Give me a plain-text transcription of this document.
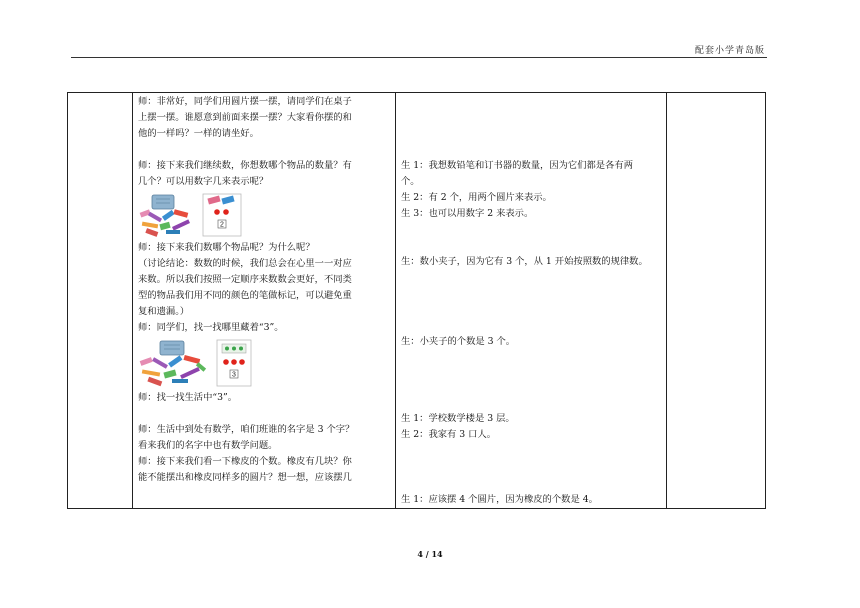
配套小学青岛版

师：非常好，同学们用圆片摆一摆，请同学们在桌子

上摆一摆。谁愿意到前面来摆一摆？大家看你摆的和

他的一样吗？一样的请坐好。

师：接下来我们继续数，你想数哪个物品的数量？有

几个？可以用数字几来表示呢？

2

师：接下来我们数哪个物品呢？为什么呢？

（讨论结论：数数的时候，我们总会在心里一一对应

来数。所以我们按照一定顺序来数数会更好，不同类

型的物品我们用不同的颜色的笔做标记，可以避免重

复和遗漏。）

师：同学们，找一找哪里藏着“3”。

3

师：找一找生活中“3”。

师：生活中到处有数学，咱们班谁的名字是 3 个字？

看来我们的名字中也有数学问题。

师：接下来我们看一下橡皮的个数。橡皮有几块？你

能不能摆出和橡皮同样多的圆片？想一想，应该摆几

生 1：我想数铅笔和订书器的数量，因为它们都是各有两

个。

生 2：有 2 个，用两个圆片来表示。

生 3：也可以用数字 2 来表示。

生：数小夹子，因为它有 3 个，从 1 开始按照数的规律数。

生：小夹子的个数是 3 个。

生 1：学校数学楼是 3 层。

生 2：我家有 3 口人。

生 1：应该摆 4 个圆片，因为橡皮的个数是 4。

4 / 14
